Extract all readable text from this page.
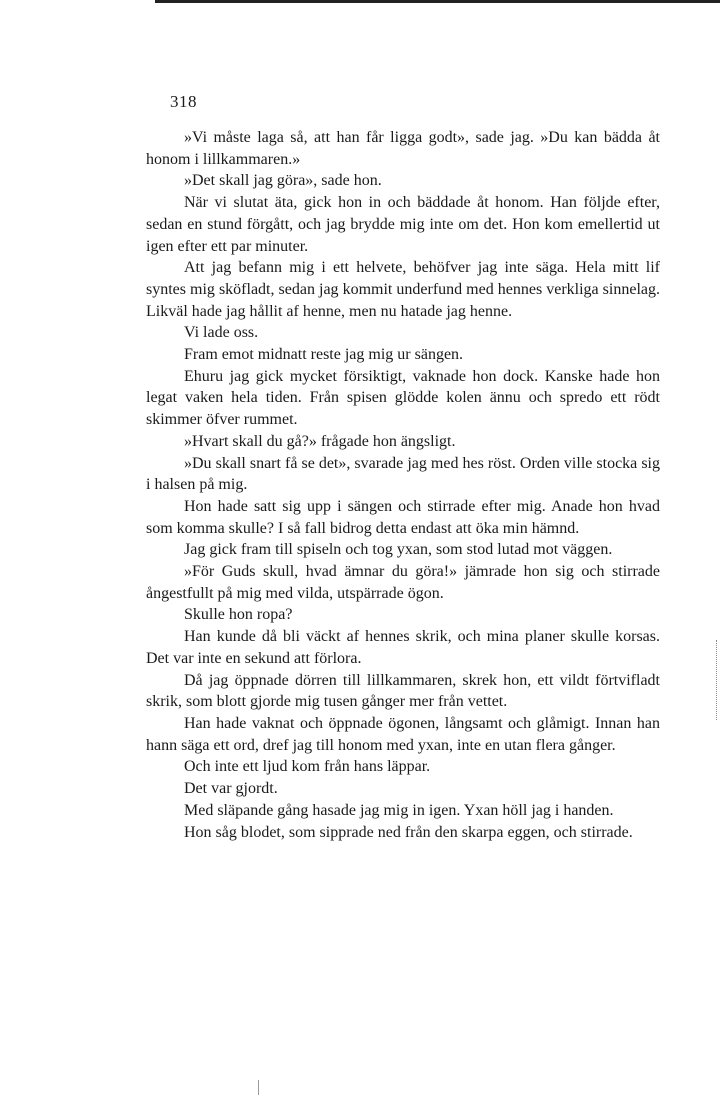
318

»Vi måste laga så, att han får ligga godt», sade jag. »Du kan bädda åt honom i lillkammaren.»

»Det skall jag göra», sade hon.

När vi slutat äta, gick hon in och bäddade åt honom. Han följde efter, sedan en stund förgått, och jag brydde mig inte om det. Hon kom emellertid ut igen efter ett par minuter.

Att jag befann mig i ett helvete, behöfver jag inte säga. Hela mitt lif syntes mig sköfladt, sedan jag kommit underfund med hennes verkliga sinnelag. Likväl hade jag hållit af henne, men nu hatade jag henne.

Vi lade oss.

Fram emot midnatt reste jag mig ur sängen.

Ehuru jag gick mycket försiktigt, vaknade hon dock. Kanske hade hon legat vaken hela tiden. Från spisen glödde kolen ännu och spredo ett rödt skimmer öfver rummet.

»Hvart skall du gå?» frågade hon ängsligt.

»Du skall snart få se det», svarade jag med hes röst. Orden ville stocka sig i halsen på mig.

Hon hade satt sig upp i sängen och stirrade efter mig. Anade hon hvad som komma skulle? I så fall bidrog detta endast att öka min hämnd.

Jag gick fram till spiseln och tog yxan, som stod lutad mot väggen.

»För Guds skull, hvad ämnar du göra!» jämrade hon sig och stirrade ångestfullt på mig med vilda, utspärrade ögon.

Skulle hon ropa?

Han kunde då bli väckt af hennes skrik, och mina planer skulle korsas. Det var inte en sekund att förlora.

Då jag öppnade dörren till lillkammaren, skrek hon, ett vildt förtvifladt skrik, som blott gjorde mig tusen gånger mer från vettet.

Han hade vaknat och öppnade ögonen, långsamt och glåmigt. Innan han hann säga ett ord, dref jag till honom med yxan, inte en utan flera gånger.

Och inte ett ljud kom från hans läppar.

Det var gjordt.

Med släpande gång hasade jag mig in igen. Yxan höll jag i handen.

Hon såg blodet, som sipprade ned från den skarpa eggen, och stirrade.
